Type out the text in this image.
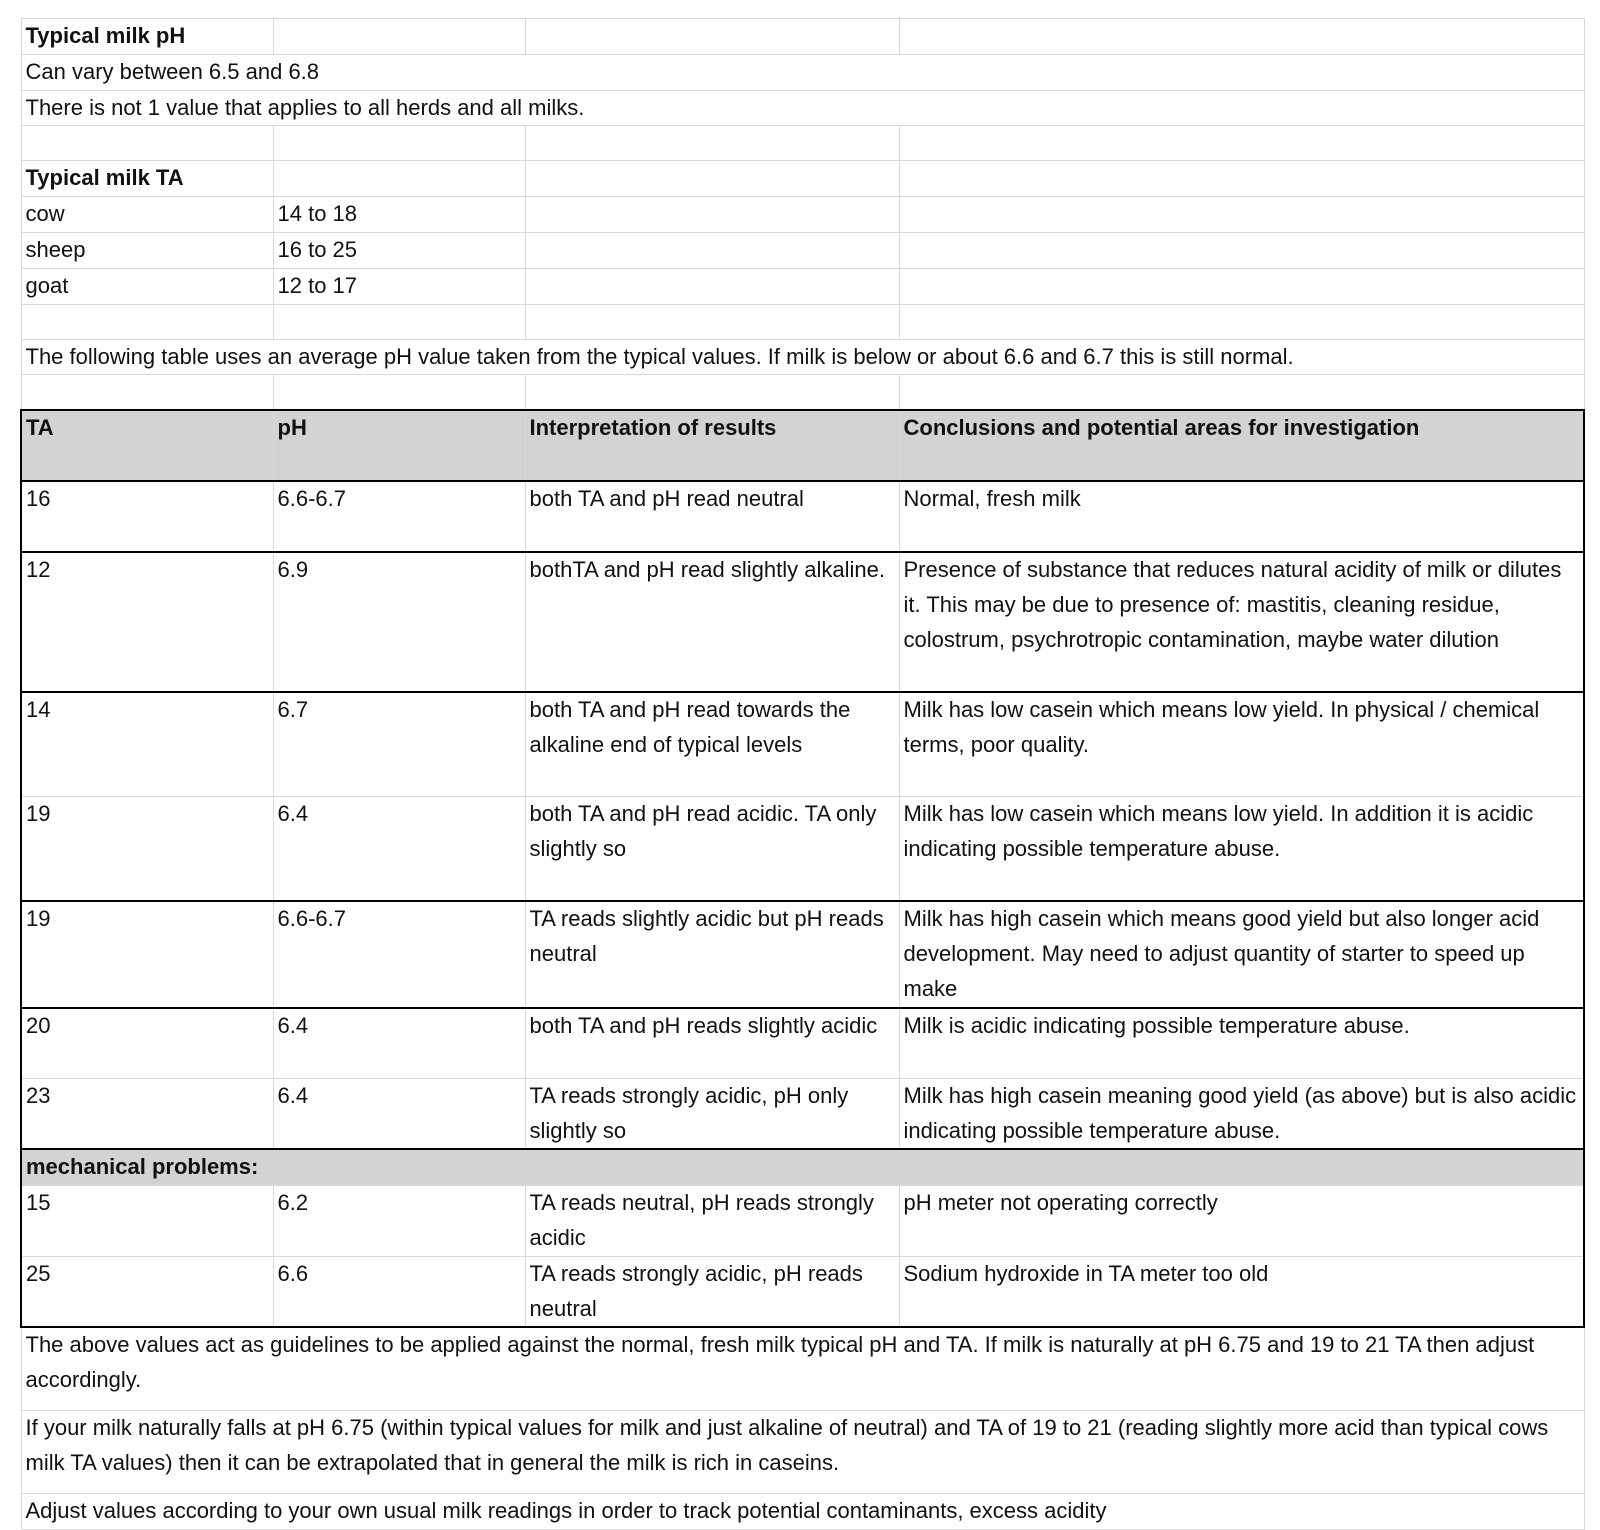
Typical milk pH			
Can vary between 6.5 and 6.8			
There is not 1 value that applies to all herds and all milks.			

Typical milk TA			
cow	14 to 18		
sheep	16 to 25		
goat	12 to 17		

The following table uses an average pH value taken from the typical values. If milk is below or about 6.6 and 6.7 this is still normal.			

TA	pH	Interpretation of results	Conclusions and potential areas for investigation
16	6.6-6.7	both TA and pH read neutral	Normal, fresh milk
12	6.9	bothTA and pH read slightly alkaline.	Presence of substance that reduces natural acidity of milk or dilutes it. This may be due to presence of: mastitis, cleaning residue, colostrum, psychrotropic contamination, maybe water dilution
14	6.7	both TA and pH read towards the alkaline end of typical levels	Milk has low casein which means low yield. In physical / chemical terms, poor quality.
19	6.4	both TA and pH read acidic. TA only slightly so	Milk has low casein which means low yield. In addition it is acidic indicating possible temperature abuse.
19	6.6-6.7	TA reads slightly acidic but pH reads neutral	Milk has high casein which means good yield but also longer acid development. May need to adjust quantity of starter to speed up make
20	6.4	both TA and pH reads slightly acidic	Milk is acidic indicating possible temperature abuse.
23	6.4	TA reads strongly acidic, pH only slightly so	Milk has high casein meaning good yield (as above) but is also acidic indicating possible temperature abuse.
mechanical problems:			
15	6.2	TA reads neutral, pH reads strongly acidic	pH meter not operating correctly
25	6.6	TA reads strongly acidic, pH reads neutral	Sodium hydroxide in TA meter too old
The above values act as guidelines to be applied against the normal, fresh milk typical pH and TA. If milk is naturally at pH 6.75 and 19 to 21 TA then adjust accordingly.			
If your milk naturally falls at pH 6.75 (within typical values for milk and just alkaline of neutral) and TA of 19 to 21 (reading slightly more acid than typical cows milk TA values) then it can be extrapolated that in general the milk is rich in caseins.			
Adjust values according to your own usual milk readings in order to track potential contaminants, excess acidity			
